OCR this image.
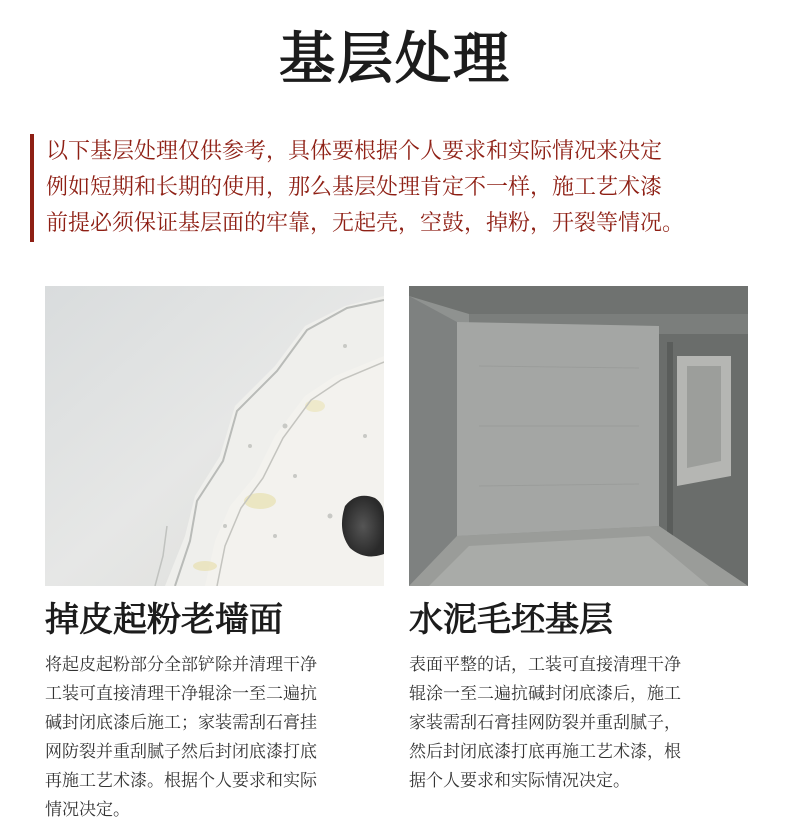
基层处理
以下基层处理仅供参考，具体要根据个人要求和实际情况来决定
例如短期和长期的使用，那么基层处理肯定不一样，施工艺术漆
前提必须保证基层面的牢靠，无起壳，空鼓，掉粉，开裂等情况。
掉皮起粉老墙面	水泥毛坯基层
将起皮起粉部分全部铲除并清理干净
工装可直接清理干净辊涂一至二遍抗
碱封闭底漆后施工；家装需刮石膏挂
网防裂并重刮腻子然后封闭底漆打底
再施工艺术漆。根据个人要求和实际
情况决定。
表面平整的话，工装可直接清理干净
辊涂一至二遍抗碱封闭底漆后，施工
家装需刮石膏挂网防裂并重刮腻子，
然后封闭底漆打底再施工艺术漆，根
据个人要求和实际情况决定。
